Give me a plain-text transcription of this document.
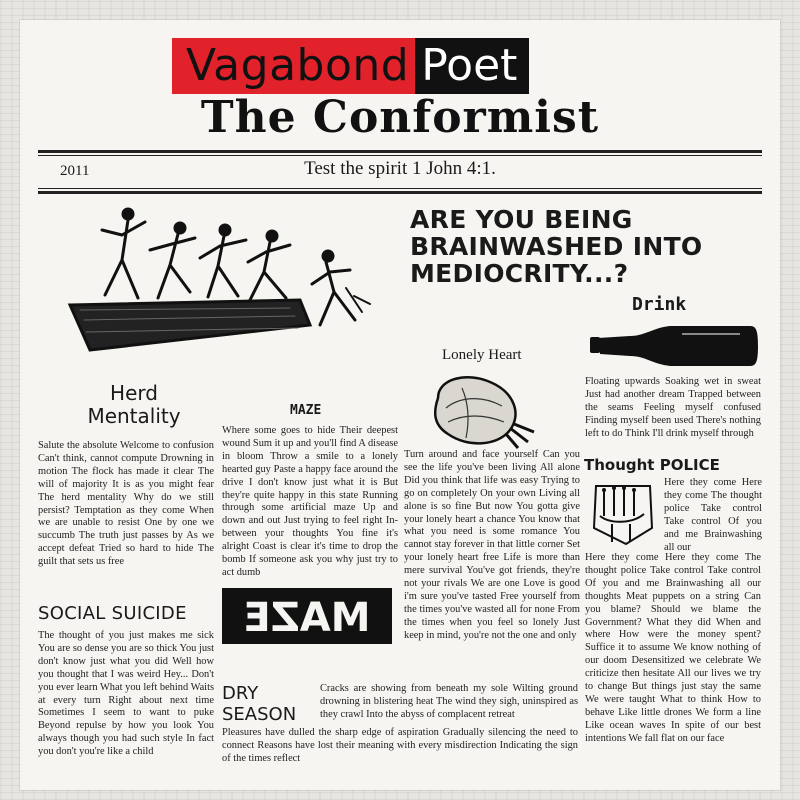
Vagabond Poet
The Conformist
2011	Test the spirit 1 John 4:1.
ARE YOU BEING BRAINWASHED INTO MEDIOCRITY...?
Drink
Lonely Heart
Herd Mentality	MAZE
Thought POLICE
Salute the absolute Welcome to confusion Can't think, cannot compute Drowning in motion The flock has made it clear The will of majority It is as you might fear The herd mentality Why do we still persist? Temptation as they come When we are unable to resist One by one we succumb The truth just passes by As we accept defeat Tried so hard to hide The guilt that sets us free
Where some goes to hide Their deepest wound Sum it up and you'll find A disease in bloom Throw a smile to a lonely hearted guy Paste a happy face around the drive I don't know just what it is But they're quite happy in this state Running through some artificial maze Up and down and out Just trying to feel right In-between your thoughts You fine it's alright Coast is clear it's time to drop the bomb If someone ask you why just try to act dumb
Turn around and face yourself Can you see the life you've been living All alone Did you think that life was easy Trying to go on completely On your own Living all alone is so fine But now You gotta give your lonely heart a chance You know that what you need is some romance You cannot stay forever in that little corner Set your lonely heart free Life is more than mere survival You've got friends, they're not your rivals We are one Love is good i'm sure you've tasted Free yourself from the times you've wasted all for none From the times when you feel so lonely Just keep in mind, you're not the one and only
Floating upwards Soaking wet in sweat Just had another dream Trapped between the seams Feeling myself confused Finding myself been used There's nothing left to do Think I'll drink myself through
Here they come Here they come The thought police Take control Take control Of you and me Brainwashing all our
Here they come Here they come The thought police Take control Take control Of you and me Brainwashing all our thoughts Meat puppets on a string Can you blame? Should we blame the Government? What they did When and where How were the money spent? Suffice it to assume We know nothing of our doom Desensitized we celebrate We criticize then hesitate All our lives we try to change But things just stay the same We were taught What to think How to behave Like little drones We form a line Like ocean waves In spite of our best intentions We fall flat on our face
SOCIAL SUICIDE
The thought of you just makes me sick You are so dense you are so thick You just don't know just what you did Well how you thought that I was weird Hey... Don't you ever learn What you left behind Waits at every turn Right about next time Sometimes I seem to want to puke Beyond repulse by how you look You always though you had such style In fact you don't you're like a child
MAZE
DRY SEASON
Cracks are showing from beneath my sole Wilting ground drowning in blistering heat The wind they sigh, uninspired as they crawl Into the abyss of complacent retreat
Pleasures have dulled the sharp edge of aspiration Gradually silencing the need to connect Reasons have lost their meaning with every misdirection Indicating the sign of the times reflect
